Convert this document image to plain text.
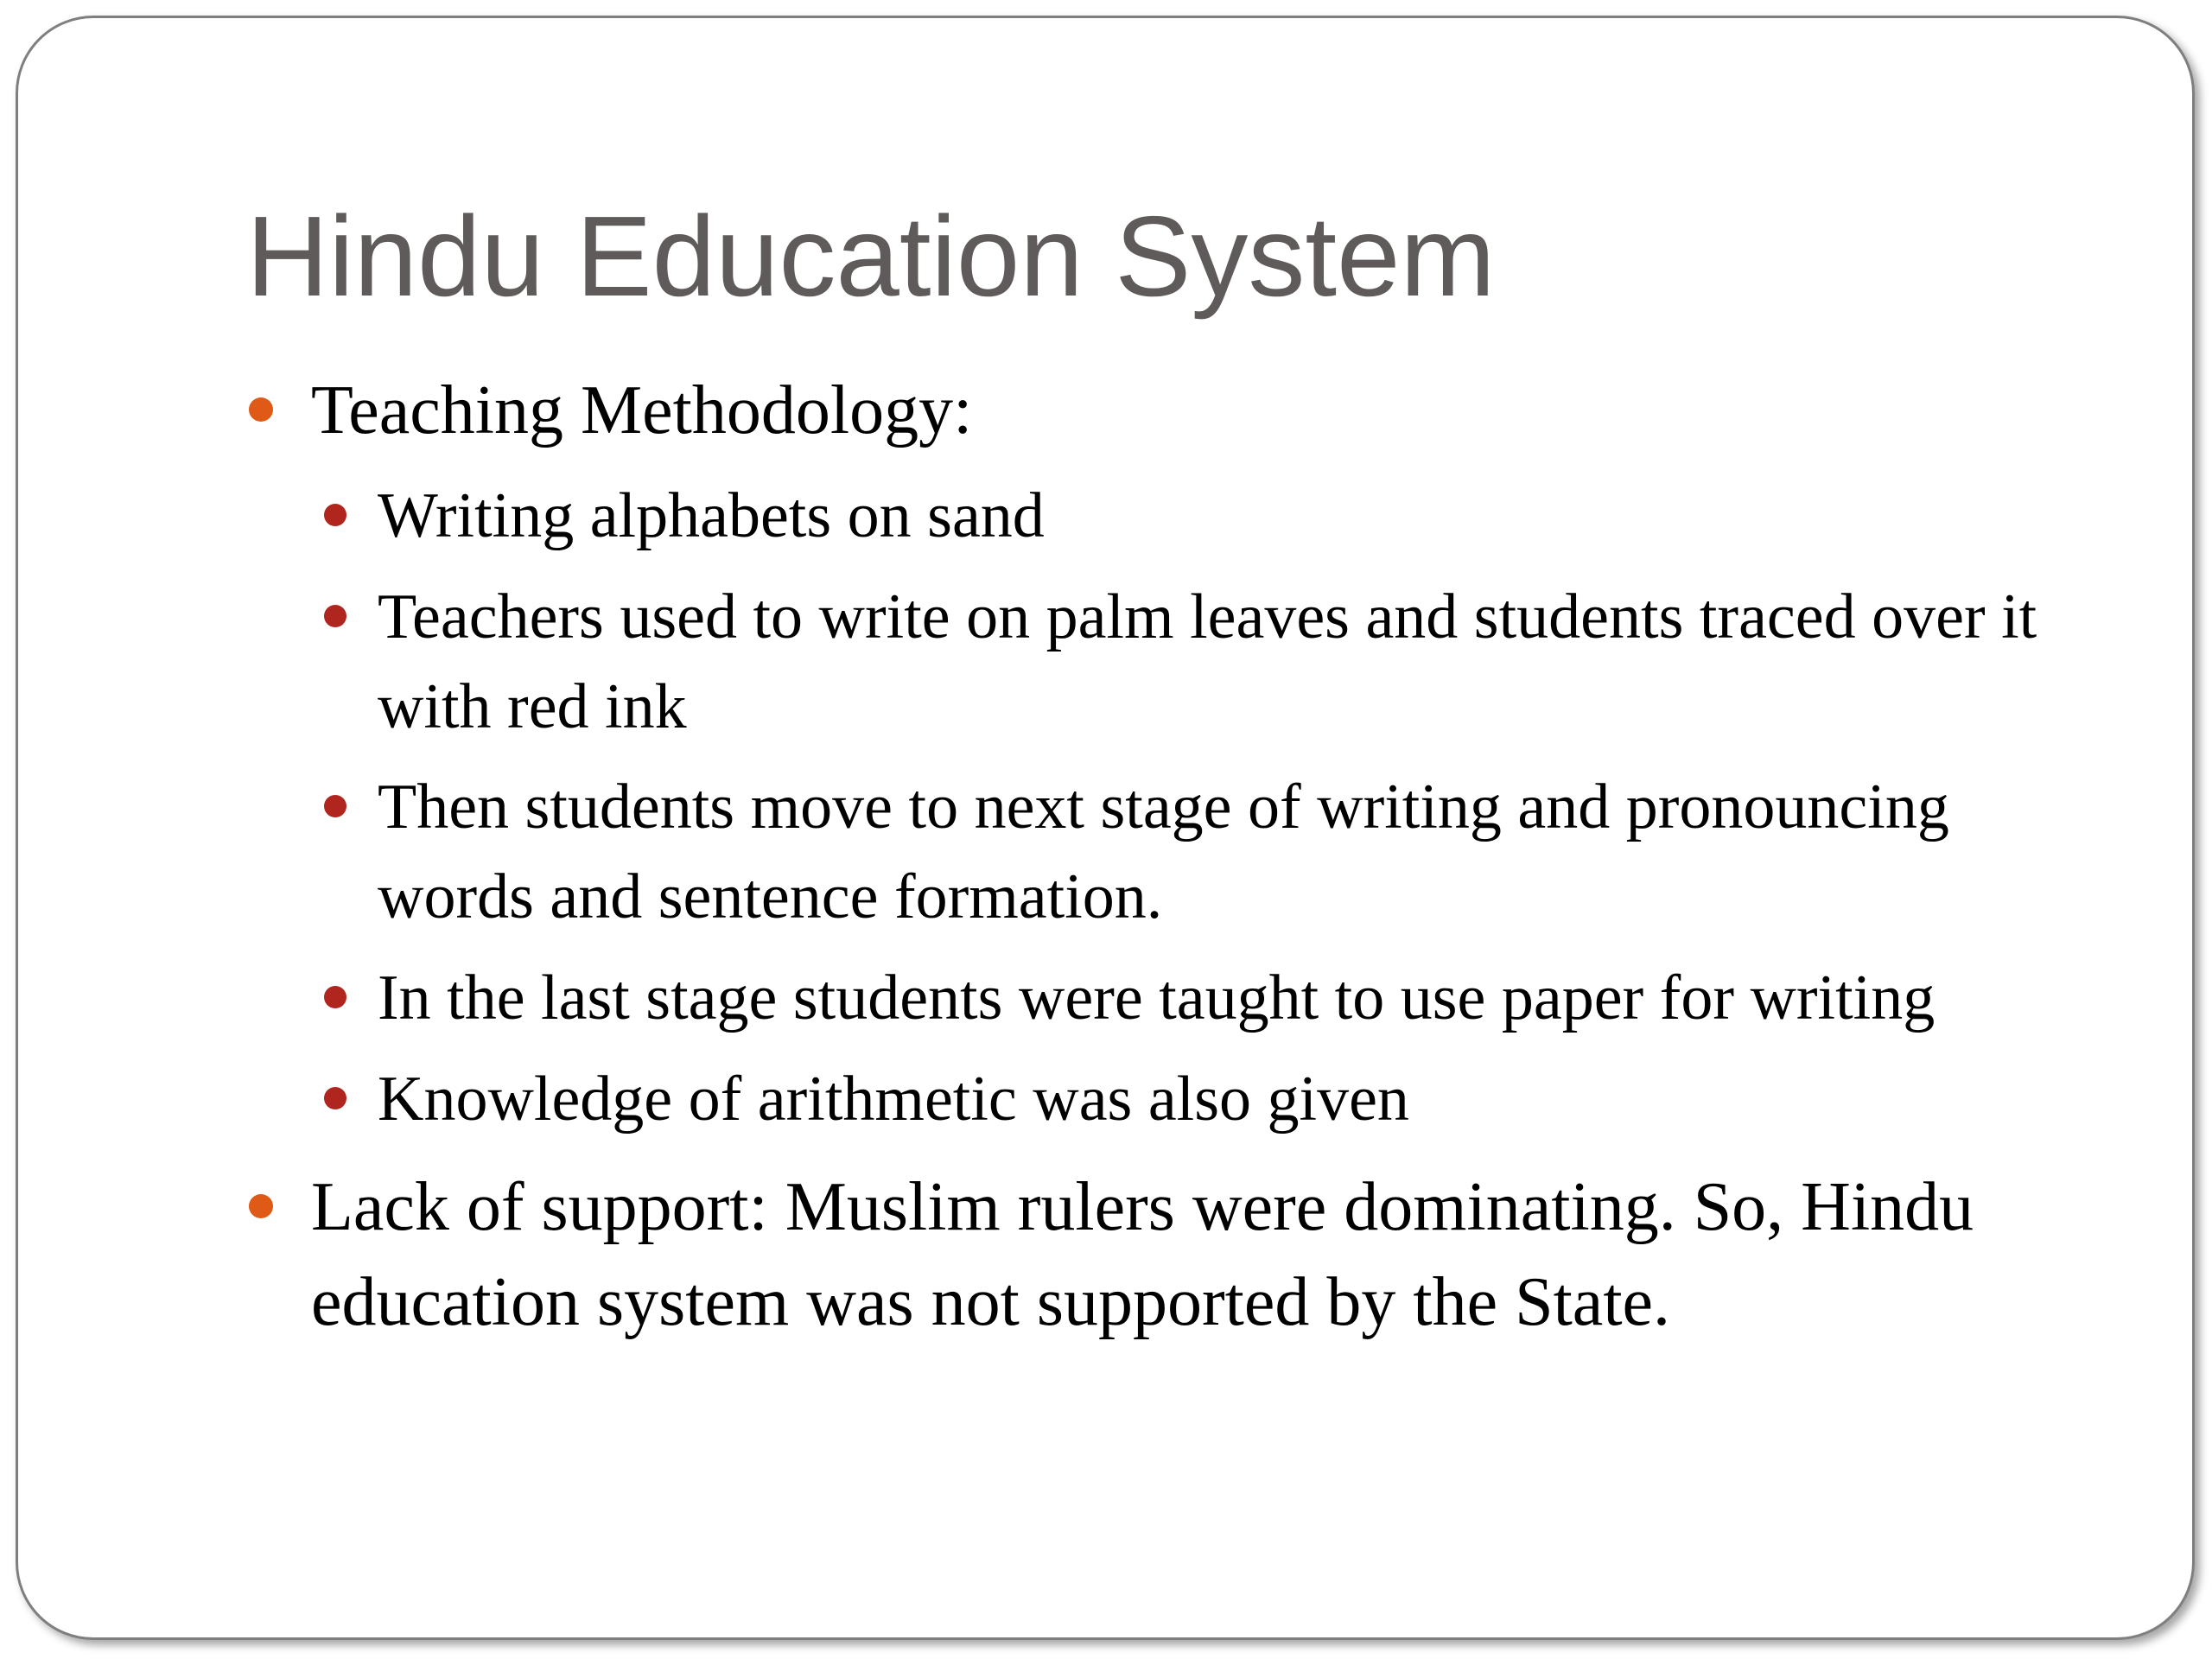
Hindu Education System
Teaching Methodology:
Writing alphabets on sand
Teachers used to write on palm leaves and students traced over it with red ink
Then students move to next stage of writing and pronouncing words and sentence formation.
In the last stage students were taught to use paper for writing
Knowledge of arithmetic was also given
Lack of support: Muslim rulers were dominating. So, Hindu education system was not supported by the State.
